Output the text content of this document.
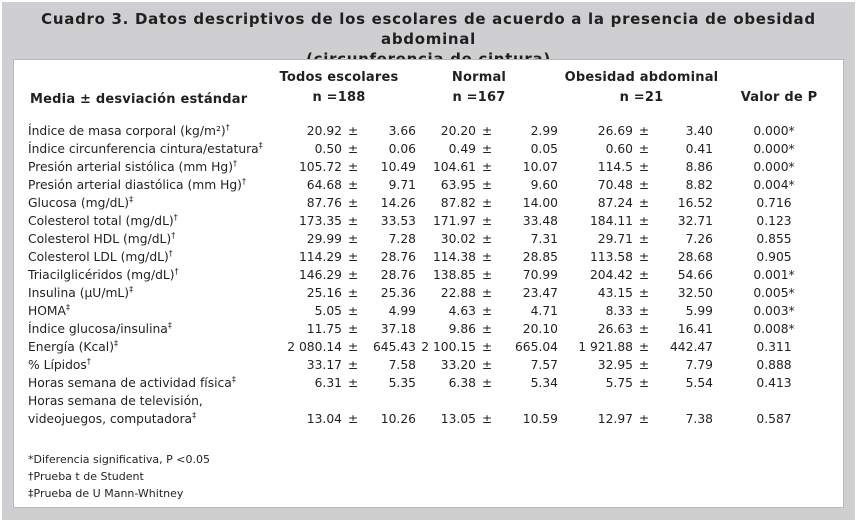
Cuadro 3. Datos descriptivos de los escolares de acuerdo a la presencia de obesidad abdominal
Media ± desviación estándar
Todos escolares
n =188
Normal
n =167
Obesidad abdominal
n =21	Valor de P
Índice de masa corporal (kg/m²)†	20.92	±	3.66	20.20	±	2.99	26.69	±	3.40	0.000*
Índice circunferencia cintura/estatura‡	0.50	±	0.06	0.49	±	0.05	0.60	±	0.41	0.000*
Presión arterial sistólica (mm Hg)†	105.72	±	10.49	104.61	±	10.07	114.5	±	8.86	0.000*
Presión arterial diastólica (mm Hg)†	64.68	±	9.71	63.95	±	9.60	70.48	±	8.82	0.004*
Glucosa (mg/dL)‡	87.76	±	14.26	87.82	±	14.00	87.24	±	16.52	0.716
Colesterol total (mg/dL)†	173.35	±	33.53	171.97	±	33.48	184.11	±	32.71	0.123
Colesterol HDL (mg/dL)†	29.99	±	7.28	30.02	±	7.31	29.71	±	7.26	0.855
Colesterol LDL (mg/dL)†	114.29	±	28.76	114.38	±	28.85	113.58	±	28.68	0.905
Triacilglicéridos (mg/dL)†	146.29	±	28.76	138.85	±	70.99	204.42	±	54.66	0.001*
Insulina (µU/mL)‡	25.16	±	25.36	22.88	±	23.47	43.15	±	32.50	0.005*
HOMA‡	5.05	±	4.99	4.63	±	4.71	8.33	±	5.99	0.003*
Índice glucosa/insulina‡	11.75	±	37.18	9.86	±	20.10	26.63	±	16.41	0.008*
Energía (Kcal)‡	2 080.14	±	645.43	2 100.15	±	665.04	1 921.88	±	442.47	0.311
% Lípidos†	33.17	±	7.58	33.20	±	7.57	32.95	±	7.79	0.888
Horas semana de actividad física‡	6.31	±	5.35	6.38	±	5.34	5.75	±	5.54	0.413
Horas semana de televisión,										
videojuegos, computadora‡	13.04	±	10.26	13.05	±	10.59	12.97	±	7.38	0.587
*Diferencia significativa, P <0.05
†Prueba t de Student
‡Prueba de U Mann-Whitney
